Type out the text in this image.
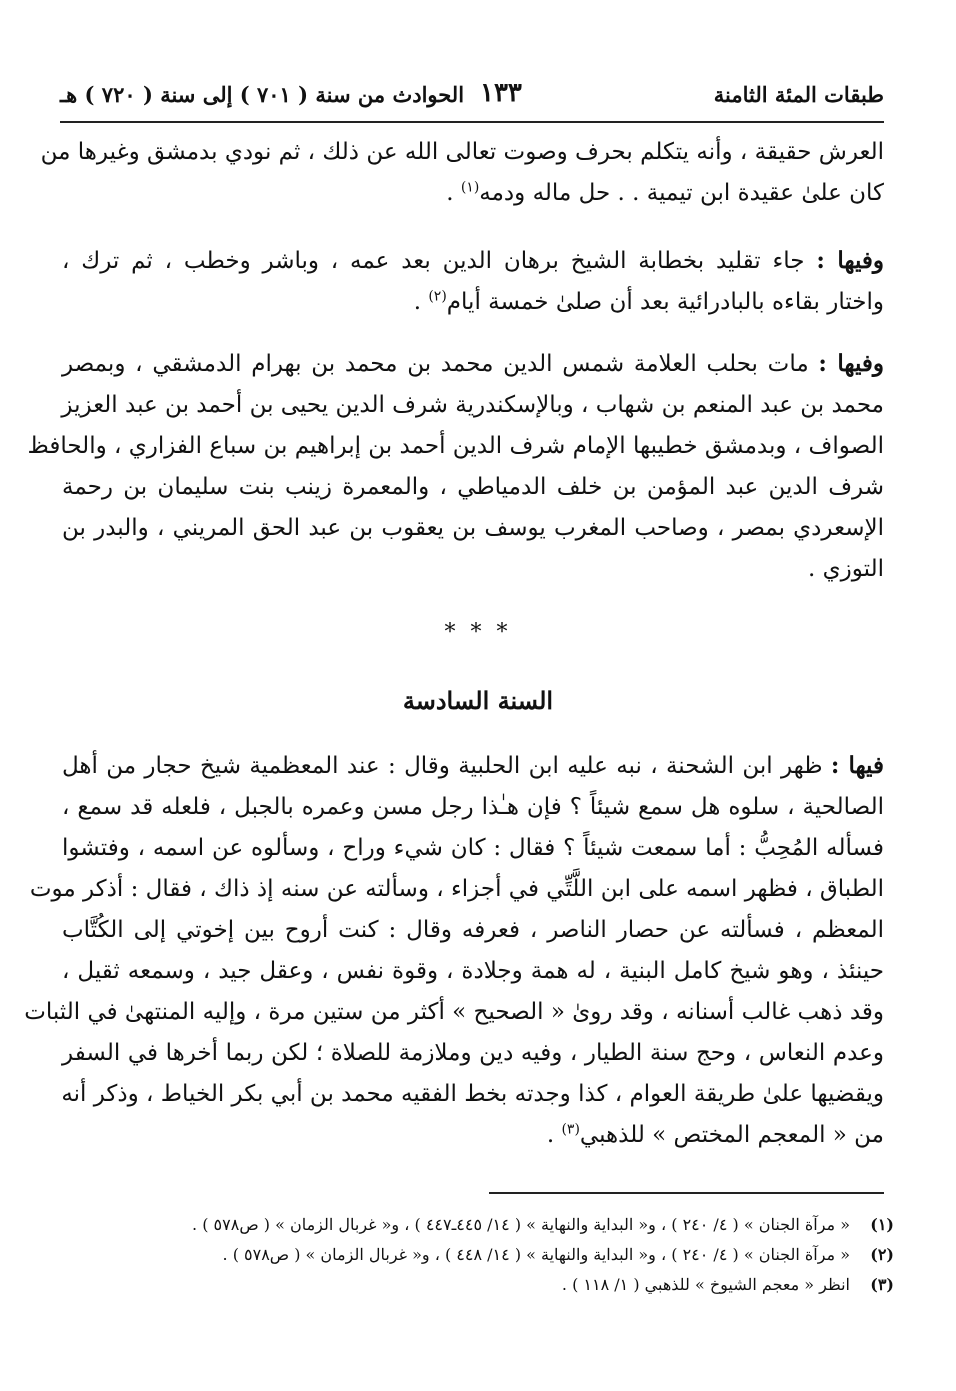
طبقات المئة الثامنة
١٣٣
الحوادث من سنة ( ٧٠١ ) إلى سنة ( ٧٢٠ ) هـ
العرش حقيقة ، وأنه يتكلم بحرف وصوت تعالى الله عن ذلك ، ثم نودي بدمشق وغيرها من
كان علىٰ عقيدة ابن تيمية . . حل ماله ودمه$^{(١)}$ .
وفيها : جاء تقليد بخطابة الشيخ برهان الدين بعد عمه ، وباشر وخطب ، ثم ترك ،
واختار بقاءه بالبادرائية بعد أن صلىٰ خمسة أيام$^{(٢)}$ .
وفيها : مات بحلب العلامة شمس الدين محمد بن محمد بن بهرام الدمشقي ، وبمصر
محمد بن عبد المنعم بن شهاب ، وبالإسكندرية شرف الدين يحيى بن أحمد بن عبد العزيز
الصواف ، وبدمشق خطيبها الإمام شرف الدين أحمد بن إبراهيم بن سباع الفزاري ، والحافظ
شرف الدين عبد المؤمن بن خلف الدمياطي ، والمعمرة زينب بنت سليمان بن رحمة
الإسعردي بمصر ، وصاحب المغرب يوسف بن يعقوب بن عبد الحق المريني ، والبدر بن
التوزي .
* * *
السنة السادسة
فيها : ظهر ابن الشحنة ، نبه عليه ابن الحلبية وقال : عند المعظمية شيخ حجار من أهل
الصالحية ، سلوه هل سمع شيئاً ؟ فإن هـٰذا رجل مسن وعمره بالجبل ، فلعله قد سمع ،
فسأله المُحِبُّ : أما سمعت شيئاً ؟ فقال : كان شيء وراح ، وسألوه عن اسمه ، وفتشوا
الطباق ، فظهر اسمه على ابن اللَّتِّي في أجزاء ، وسألته عن سنه إذ ذاك ، فقال : أذكر موت
المعظم ، فسألته عن حصار الناصر ، فعرفه وقال : كنت أروح بين إخوتي إلى الكُتَّاب
حينئذ ، وهو شيخ كامل البنية ، له همة وجلادة ، وقوة نفس ، وعقل جيد ، وسمعه ثقيل ،
وقد ذهب غالب أسنانه ، وقد روىٰ « الصحيح » أكثر من ستين مرة ، وإليه المنتهىٰ في الثبات
وعدم النعاس ، وحج سنة الطيار ، وفيه دين وملازمة للصلاة ؛ لكن ربما أخرها في السفر
ويقضيها علىٰ طريقة العوام ، كذا وجدته بخط الفقيه محمد بن أبي بكر الخياط ، وذكر أنه
من « المعجم المختص » للذهبي$^{(٣)}$ .
(١)« مرآة الجنان » ( ٤/ ٢٤٠ ) ، و« البداية والنهاية » ( ١٤/ ٤٤٥ـ٤٤٧ ) ، و« غربال الزمان » ( ص٥٧٨ ) .
(٢)« مرآة الجنان » ( ٤/ ٢٤٠ ) ، و« البداية والنهاية » ( ١٤/ ٤٤٨ ) ، و« غربال الزمان » ( ص٥٧٨ ) .
(٣)انظر « معجم الشيوخ » للذهبي ( ١/ ١١٨ ) .
